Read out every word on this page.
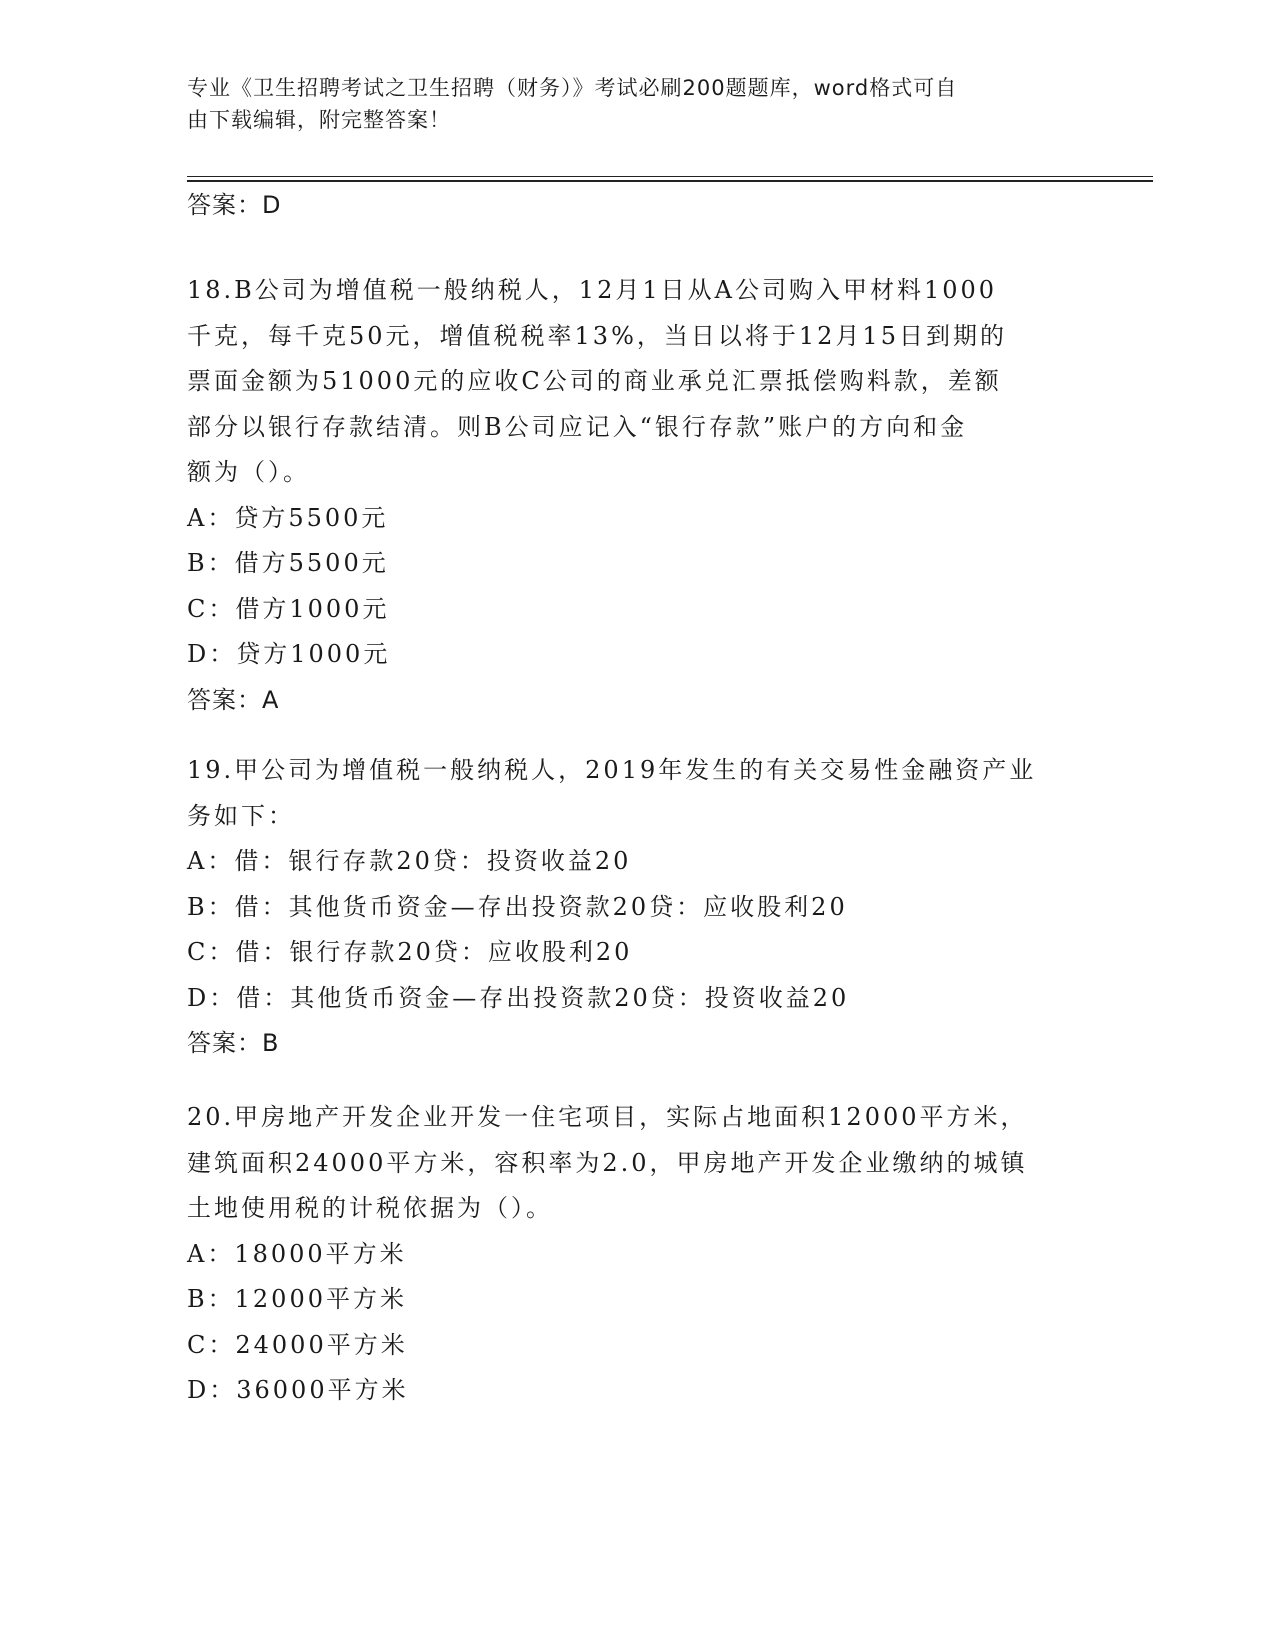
专业《卫生招聘考试之卫生招聘（财务）》考试必刷200题题库，word格式可自

由下载编辑，附完整答案！

答案：D

18.B公司为增值税一般纳税人，12月1日从A公司购入甲材料1000

千克，每千克50元，增值税税率13%，当日以将于12月15日到期的

票面金额为51000元的应收C公司的商业承兑汇票抵偿购料款，差额

部分以银行存款结清。则B公司应记入“银行存款”账户的方向和金

额为（）。

A：贷方5500元

B：借方5500元

C：借方1000元

D：贷方1000元

答案：A

19.甲公司为增值税一般纳税人，2019年发生的有关交易性金融资产业

务如下：

A：借：银行存款20贷：投资收益20

B：借：其他货币资金—存出投资款20贷：应收股利20

C：借：银行存款20贷：应收股利20

D：借：其他货币资金—存出投资款20贷：投资收益20

答案：B

20.甲房地产开发企业开发一住宅项目，实际占地面积12000平方米，

建筑面积24000平方米，容积率为2.0，甲房地产开发企业缴纳的城镇

土地使用税的计税依据为（）。

A：18000平方米

B：12000平方米

C：24000平方米

D：36000平方米
